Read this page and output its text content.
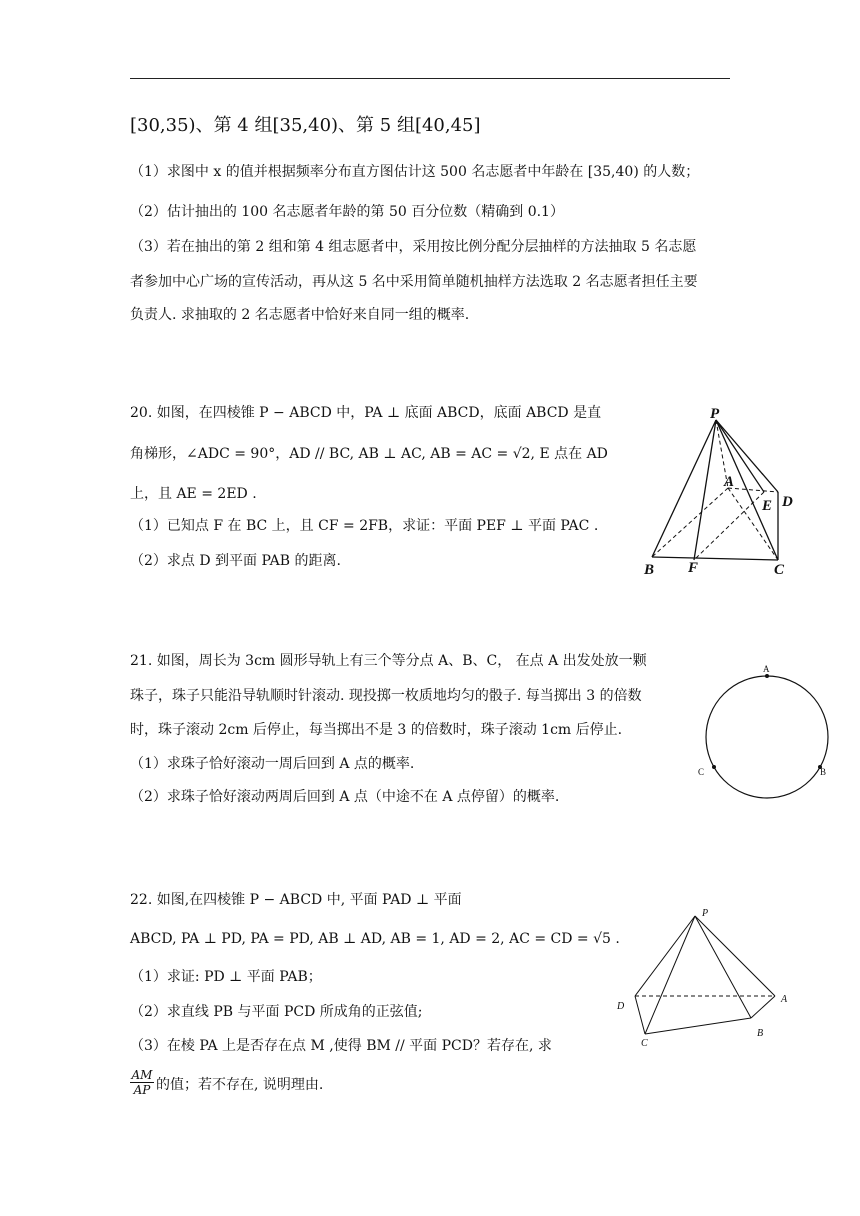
[30,35)、第 4 组[35,40)、第 5 组[40,45]
（1）求图中 x 的值并根据频率分布直方图估计这 500 名志愿者中年龄在 [35,40) 的人数；
（2）估计抽出的 100 名志愿者年龄的第 50 百分位数（精确到 0.1）
（3）若在抽出的第 2 组和第 4 组志愿者中，采用按比例分配分层抽样的方法抽取 5 名志愿
者参加中心广场的宣传活动，再从这 5 名中采用简单随机抽样方法选取 2 名志愿者担任主要
负责人. 求抽取的 2 名志愿者中恰好来自同一组的概率.
20. 如图，在四棱锥 P − ABCD 中，PA ⊥ 底面 ABCD，底面 ABCD 是直
角梯形，∠ADC = 90°，AD // BC, AB ⊥ AC, AB = AC = √2, E 点在 AD
上，且 AE = 2ED .
（1）已知点 F 在 BC 上，且 CF = 2FB，求证：平面 PEF ⊥ 平面 PAC .
（2）求点 D 到平面 PAB 的距离.
P
A
D
E
B F	C
21. 如图，周长为 3cm 圆形导轨上有三个等分点 A、B、C， 在点 A 出发处放一颗
珠子，珠子只能沿导轨顺时针滚动. 现投掷一枚质地均匀的骰子. 每当掷出 3 的倍数
时，珠子滚动 2cm 后停止，每当掷出不是 3 的倍数时，珠子滚动 1cm 后停止.
（1）求珠子恰好滚动一周后回到 A 点的概率.
（2）求珠子恰好滚动两周后回到 A 点（中途不在 A 点停留）的概率.
A
B
C
22. 如图,在四棱锥 P − ABCD 中, 平面 PAD ⊥ 平面
ABCD, PA ⊥ PD, PA = PD, AB ⊥ AD, AB = 1, AD = 2, AC = CD = √5 .
（1）求证: PD ⊥ 平面 PAB；
（2）求直线 PB 与平面 PCD 所成角的正弦值;
（3）在棱 PA 上是否存在点 M ,使得 BM // 平面 PCD？若存在, 求
$\frac{AM}{AP}$ 的值；若不存在, 说明理由.
P
D
A
B
C
